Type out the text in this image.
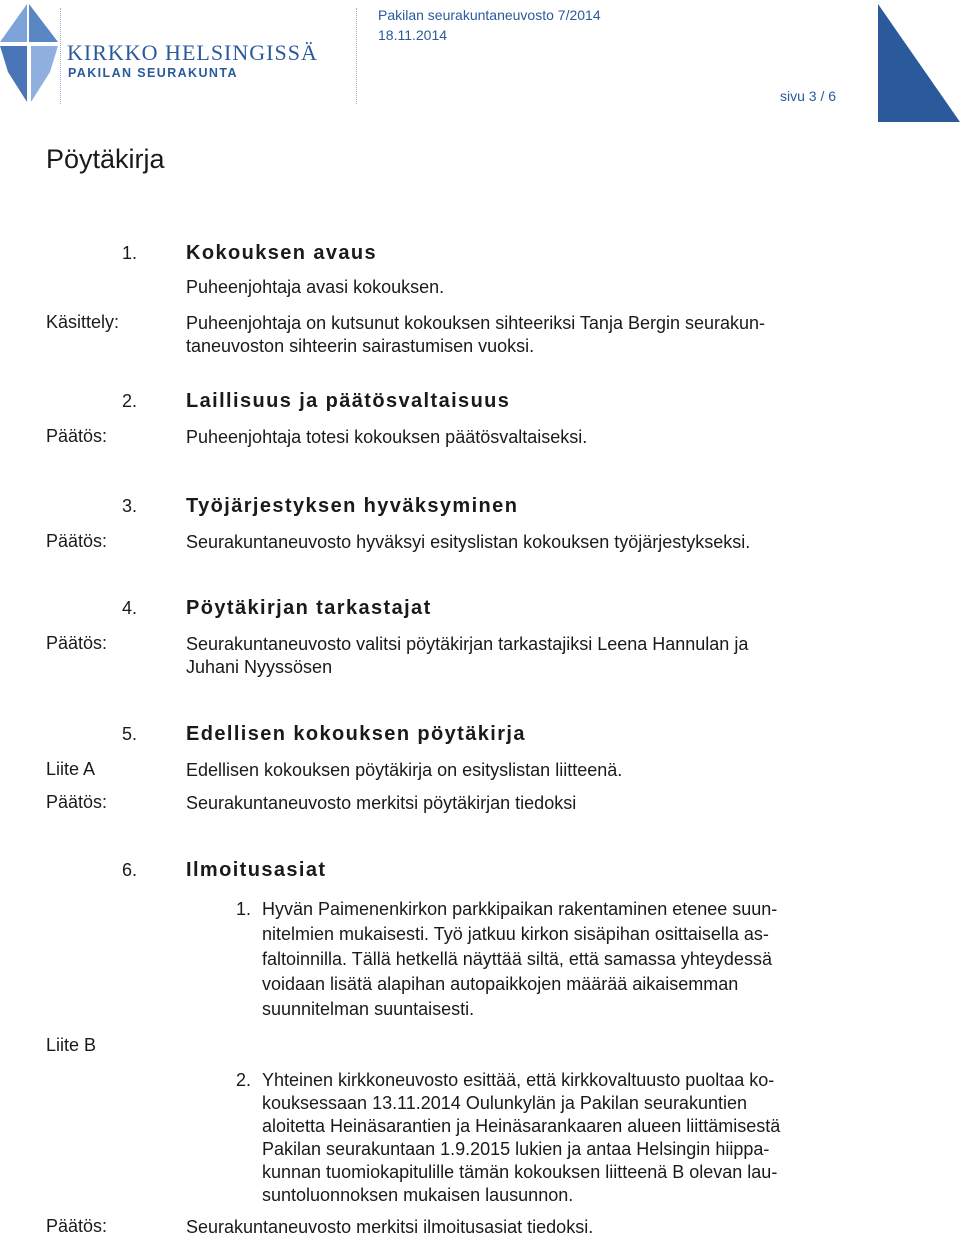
KIRKKO HELSINGISSÄ
PAKILAN SEURAKUNTA
Pakilan seurakuntaneuvosto 7/2014
18.11.2014
sivu 3 / 6
Pöytäkirja
1. Kokouksen avaus
Puheenjohtaja avasi kokouksen.
Käsittely:	Puheenjohtaja on kutsunut kokouksen sihteeriksi Tanja Bergin seurakun-
taneuvoston sihteerin sairastumisen vuoksi.
2. Laillisuus ja päätösvaltaisuus
Päätös:	Puheenjohtaja totesi kokouksen päätösvaltaiseksi.
3. Työjärjestyksen hyväksyminen
Päätös:	Seurakuntaneuvosto hyväksyi esityslistan kokouksen työjärjestykseksi.
4. Pöytäkirjan tarkastajat
Päätös:	Seurakuntaneuvosto valitsi pöytäkirjan tarkastajiksi Leena Hannulan ja
Juhani Nyyssösen
5. Edellisen kokouksen pöytäkirja
Liite A	Edellisen kokouksen pöytäkirja on esityslistan liitteenä.
Päätös:	Seurakuntaneuvosto merkitsi pöytäkirjan tiedoksi
6. Ilmoitusasiat
1. Hyvän Paimenenkirkon parkkipaikan rakentaminen etenee suun-
nitelmien mukaisesti. Työ jatkuu kirkon sisäpihan osittaisella as-
faltoinnilla. Tällä hetkellä näyttää siltä, että samassa yhteydessä
voidaan lisätä alapihan autopaikkojen määrää aikaisemman
suunnitelman suuntaisesti.
Liite B
2. Yhteinen kirkkoneuvosto esittää, että kirkkovaltuusto puoltaa ko-
kouksessaan 13.11.2014 Oulunkylän ja Pakilan seurakuntien
aloitetta Heinäsarantien ja Heinäsarankaaren alueen liittämisestä
Pakilan seurakuntaan 1.9.2015 lukien ja antaa Helsingin hiippa-
kunnan tuomiokapitulille tämän kokouksen liitteenä B olevan lau-
suntoluonnoksen mukaisen lausunnon.
Päätös:	Seurakuntaneuvosto merkitsi ilmoitusasiat tiedoksi.
